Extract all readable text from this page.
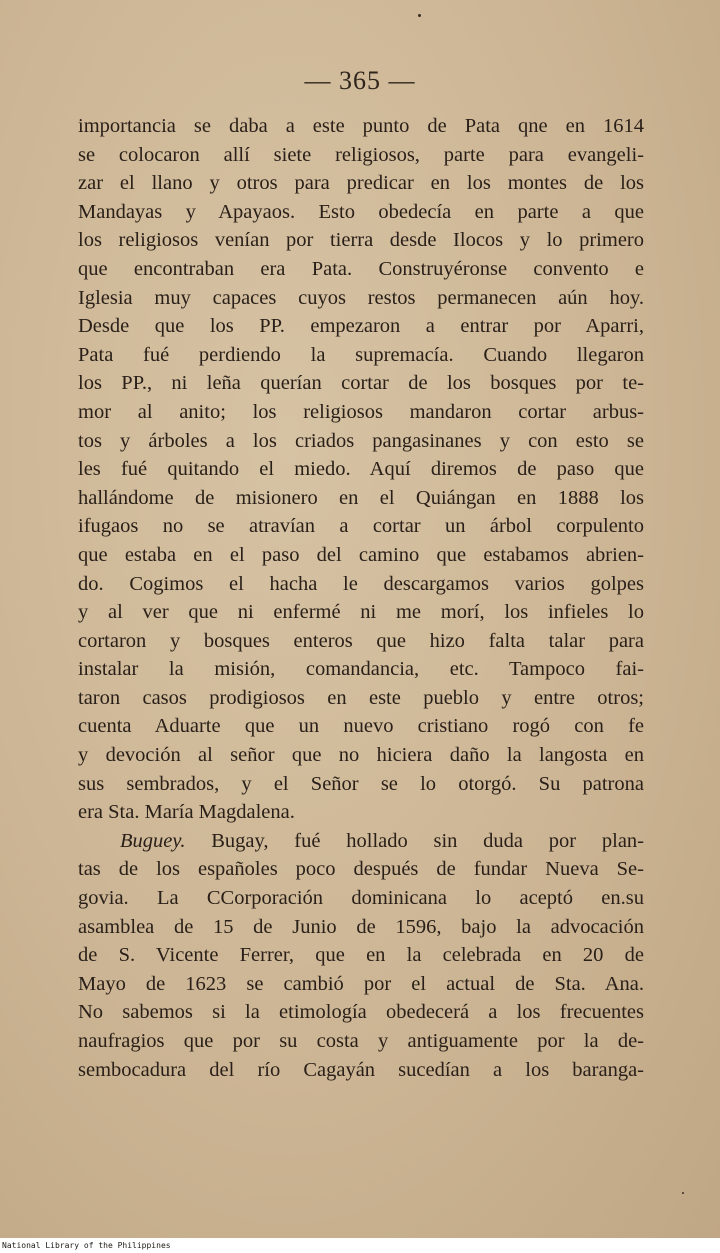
— 365 —
importancia se daba a este punto de Pata qne en 1614
se colocaron allí siete religiosos, parte para evangeli-
zar el llano y otros para predicar en los montes de los
Mandayas y Apayaos. Esto obedecía en parte a que
los religiosos venían por tierra desde Ilocos y lo primero
que encontraban era Pata. Construyéronse convento e
Iglesia muy capaces cuyos restos permanecen aún hoy.
Desde que los PP. empezaron a entrar por Aparri,
Pata fué perdiendo la supremacía. Cuando llegaron
los PP., ni leña querían cortar de los bosques por te-
mor al anito; los religiosos mandaron cortar arbus-
tos y árboles a los criados pangasinanes y con esto se
les fué quitando el miedo. Aquí diremos de paso que
hallándome de misionero en el Quiángan en 1888 los
ifugaos no se atravían a cortar un árbol corpulento
que estaba en el paso del camino que estabamos abrien-
do. Cogimos el hacha le descargamos varios golpes
y al ver que ni enfermé ni me morí, los infieles lo
cortaron y bosques enteros que hizo falta talar para
instalar la misión, comandancia, etc. Tampoco fai-
taron casos prodigiosos en este pueblo y entre otros;
cuenta Aduarte que un nuevo cristiano rogó con fe
y devoción al señor que no hiciera daño la langosta en
sus sembrados, y el Señor se lo otorgó. Su patrona
era Sta. María Magdalena.
Buguey. Bugay, fué hollado sin duda por plan-
tas de los españoles poco después de fundar Nueva Se-
govia. La CCorporación dominicana lo aceptó en.su
asamblea de 15 de Junio de 1596, bajo la advocación
de S. Vicente Ferrer, que en la celebrada en 20 de
Mayo de 1623 se cambió por el actual de Sta. Ana.
No sabemos si la etimología obedecerá a los frecuentes
naufragios que por su costa y antiguamente por la de-
sembocadura del río Cagayán sucedían a los baranga-
National Library of the Philippines
